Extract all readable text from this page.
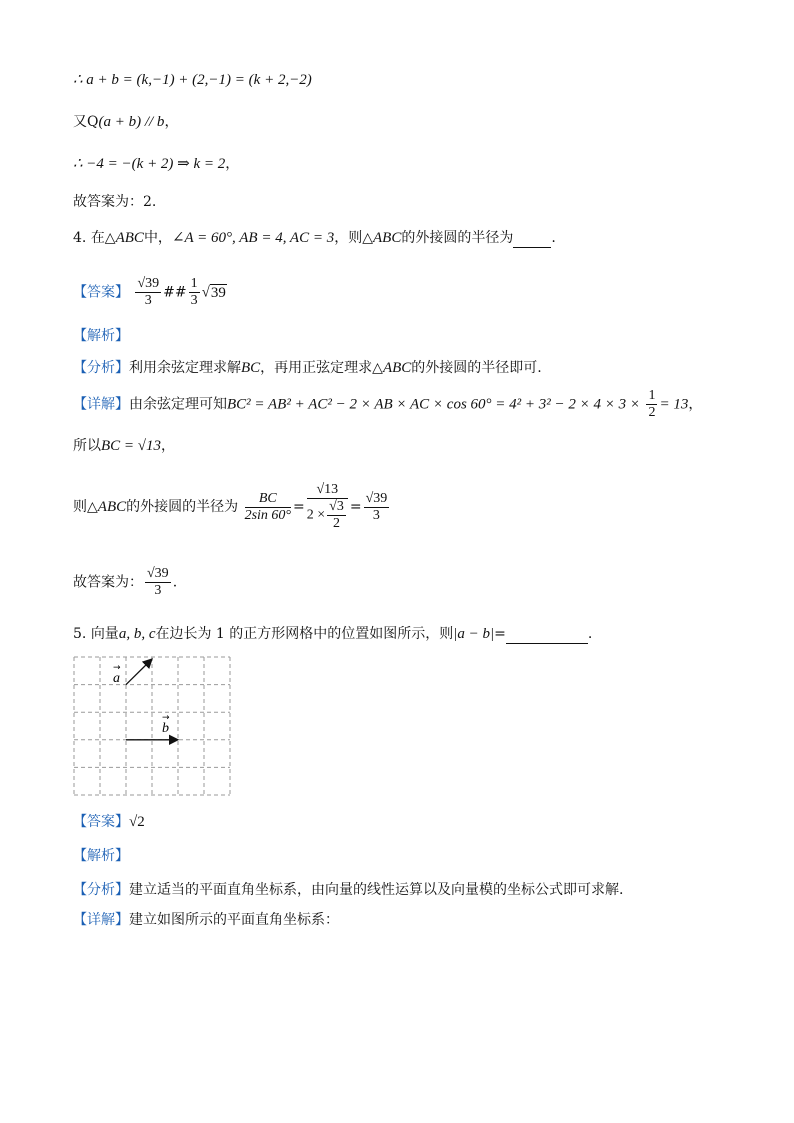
∴ a + b = (k,−1) + (2,−1) = (k + 2,−2)
又Q(a + b) // b，
∴ −4 = −(k + 2) ⇒ k = 2，
故答案为：2.
4. 在△ABC中，∠A = 60°, AB = 4, AC = 3，则△ABC的外接圆的半径为	.
【答案】 $\frac{√39}{3}$ ## $\frac{1}{3} √39$
【解析】
【分析】利用余弦定理求解BC，再用正弦定理求△ABC的外接圆的半径即可.
【详解】由余弦定理可知BC² = AB² + AC² − 2 × AB × AC × $\cos 60^\circ = 4^2 + 3^2 - 2 \times 4 \times 3 \times \frac{1}{2} = 13$，
所以BC = √13，
则△ABC的外接圆的半径为 $\frac{BC}{2\sin 60^\circ} = \frac{√13}{2 \times \frac{√3}{2}} = \frac{√39}{3}$
故答案为： $\frac{√39}{3}$ .
5. 向量a, b, c在边长为 1 的正方形网格中的位置如图所示，则|a − b|=	.
a
b
→
→
【答案】√2
【解析】
【分析】建立适当的平面直角坐标系，由向量的线性运算以及向量模的坐标公式即可求解.
【详解】建立如图所示的平面直角坐标系：
